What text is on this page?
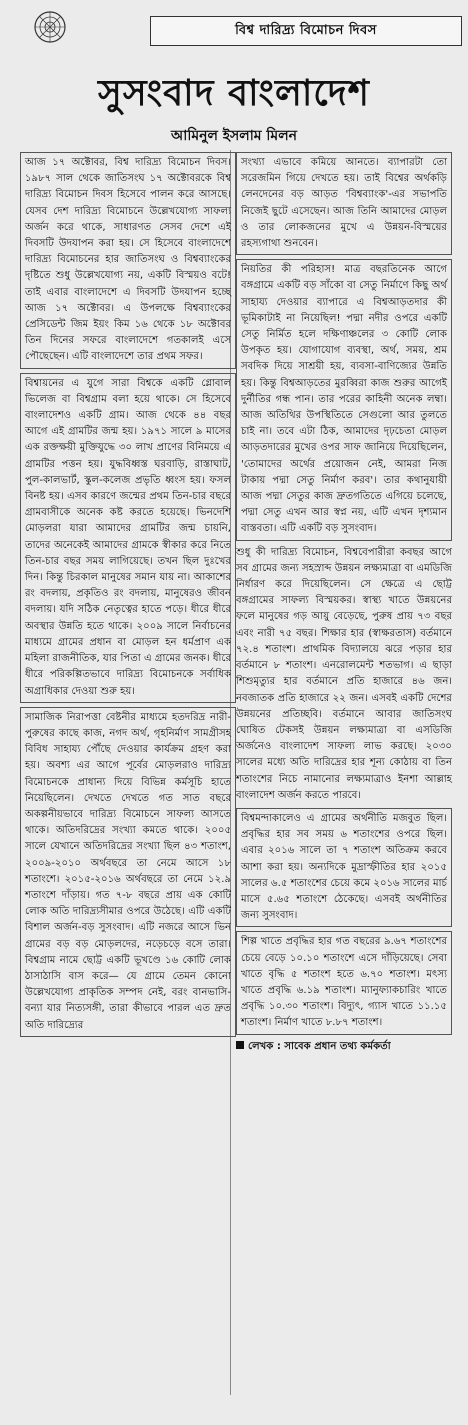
বিশ্ব দারিদ্র্য বিমোচন দিবস
সুসংবাদ বাংলাদেশ
আমিনুল ইসলাম মিলন

আজ ১৭ অক্টোবর, বিশ্ব দারিদ্র্য বিমোচন দিবস। ১৯৮৭ সাল থেকে জাতিসংঘ ১৭ অক্টোবরকে বিশ্ব দারিদ্র্য বিমোচন দিবস হিসেবে পালন করে আসছে। যেসব দেশ দারিদ্র্য বিমোচনে উল্লেখযোগ্য সাফল্য অর্জন করে থাকে, সাধারণত সেসব দেশে এই দিবসটি উদযাপন করা হয়। সে হিসেবে বাংলাদেশে দারিদ্র্য বিমোচনের হার জাতিসংঘ ও বিশ্বব্যাংকের দৃষ্টিতে শুধু উল্লেখযোগ্য নয়, একটি বিস্ময়ও বটে! তাই এবার বাংলাদেশে এ দিবসটি উদযাপন হচ্ছে আজ ১৭ অক্টোবর। এ উপলক্ষে বিশ্বব্যাংকের প্রেসিডেন্ট জিম ইয়ং কিম ১৬ থেকে ১৮ অক্টোবর তিন দিনের সফরে বাংলাদেশে গতকালই এসে পৌছেছেন। এটি বাংলাদেশে তার প্রথম সফর।

বিশ্বায়নের এ যুগে সারা বিশ্বকে একটি গ্লোবাল ভিলেজ বা বিশ্বগ্রাম বলা হয়ে থাকে। সে হিসেবে বাংলাদেশও একটি গ্রাম। আজ থেকে ৪৪ বছর আগে এই গ্রামটির জন্ম হয়। ১৯৭১ সালে ৯ মাসের এক রক্তক্ষয়ী মুক্তিযুদ্ধে ৩০ লাখ প্রাণের বিনিময়ে এ গ্রামটির পত্তন হয়। যুদ্ধবিধ্বস্ত ঘরবাড়ি, রাস্তাঘাট, পুল-কালভার্ট, স্কুল-কলেজ প্রভৃতি ধ্বংস হয়। ফসল বিনষ্ট হয়। এসব কারণে জন্মের প্রথম তিন-চার বছরে গ্রামবাসীকে অনেক কষ্ট করতে হয়েছে। ভিনদেশি মোড়লরা যারা আমাদের গ্রামটির জন্ম চায়নি, তাদের অনেকেই আমাদের গ্রামকে স্বীকার করে নিতে তিন-চার বছর সময় লাগিয়েছে। তখন ছিল দুঃখের দিন। কিন্তু চিরকাল মানুষের সমান যায় না। আকাশের রং বদলায়, প্রকৃতিও রং বদলায়, মানুষেরও জীবন বদলায়। যদি সঠিক নেতৃত্বের হাতে পড়ে। ধীরে ধীরে অবস্থার উন্নতি হতে থাকে। ২০০৯ সালে নির্বাচনের মাধ্যমে গ্রামের প্রধান বা মোড়ল হন ধর্মপ্রাণ এক মহিলা রাজনীতিক, যার পিতা এ গ্রামের জনক। ধীরে ধীরে পরিকল্পিতভাবে দারিদ্র্য বিমোচনকে সর্বাধিক অগ্রাধিকার দেওয়া শুরু হয়।

সামাজিক নিরাপত্তা বেষ্টনীর মাধ্যমে হতদরিদ্র নারী-পুরুষের কাছে কাজ, নগদ অর্থ, গৃহনির্মাণ সামগ্রীসহ বিবিধ সাহায্য পৌঁছে দেওয়ার কার্যক্রম গ্রহণ করা হয়। অবশ্য এর আগে পূর্বের মোড়লরাও দারিদ্র্য বিমোচনকে প্রাধান্য দিয়ে বিভিন্ন কর্মসূচি হাতে নিয়েছিলেন। দেখতে দেখতে গত সাত বছরে অকল্পনীয়ভাবে দারিদ্র্য বিমোচনে সাফল্য আসতে থাকে। অতিদরিদ্রের সংখ্যা কমতে থাকে। ২০০৫ সালে যেখানে অতিদরিদ্রের সংখ্যা ছিল ৪৩ শতাংশ, ২০০৯-২০১০ অর্থবছরে তা নেমে আসে ১৮ শতাংশে। ২০১৫-২০১৬ অর্থবছরে তা নেমে ১২.৯ শতাংশে দাঁড়ায়। গত ৭-৮ বছরে প্রায় এক কোটি লোক অতি দারিদ্র্যসীমার ওপরে উঠেছে। এটি একটি বিশাল অর্জন-বড় সুসংবাদ। এটি নজরে আসে ভিন গ্রামের বড় বড় মোড়লদের, নড়েচড়ে বসে তারা। বিশ্বগ্রাম নামে ছোট্ট একটি ভূখণ্ডে ১৬ কোটি লোক ঠাসাঠাসি বাস করে— যে গ্রামে তেমন কোনো উল্লেখযোগ্য প্রাকৃতিক সম্পদ নেই, বরং বানভাসি-বন্যা যার নিত্যসঙ্গী, তারা কীভাবে পারল এত দ্রুত অতি দারিদ্র্যের

সংখ্যা এভাবে কমিয়ে আনতে। ব্যাপারটা তো সরেজমিন গিয়ে দেখতে হয়। তাই বিশ্বের অর্থকড়ি লেনদেনের বড় আড়ত 'বিশ্বব্যাংক'-এর সভাপতি নিজেই ছুটে এসেছেন। আজ তিনি আমাদের মোড়ল ও তার লোকজনের মুখে এ উন্নয়ন-বিস্ময়ের রহস্যগাথা শুনবেন।

নিয়তির কী পরিহাস! মাত্র বছরতিনেক আগে বঙ্গগ্রামে একটি বড় সাঁকো বা সেতু নির্মাণে কিছু অর্থ সাহায্য দেওয়ার ব্যাপারে এ বিশ্বআড়তদার কী ভূমিকাটাই না নিয়েছিল! পদ্মা নদীর ওপরে একটি সেতু নির্মিত হলে দক্ষিণাঞ্চলের ৩ কোটি লোক উপকৃত হয়। যোগাযোগ ব্যবস্থা, অর্থ, সময়, শ্রম সবদিক দিয়ে সাশ্রয়ী হয়, ব্যবসা-বাণিজ্যের উন্নতি হয়। কিন্তু বিশ্বআড়তের মুরব্বিরা কাজ শুরুর আগেই দুর্নীতির গন্ধ পান। তার পরের কাহিনী অনেক লম্বা। আজ অতিথির উপস্থিতিতে সেগুলো আর তুলতে চাই না। তবে এটা ঠিক, আমাদের দৃঢ়চেতা মোড়ল আড়তদারের মুখের ওপর সাফ জানিয়ে দিয়েছিলেন, 'তোমাদের অর্থের প্রয়োজন নেই, আমরা নিজ টাকায় পদ্মা সেতু নির্মাণ করব'। তার কথানুযায়ী আজ পদ্মা সেতুর কাজ দ্রুতগতিতে এগিয়ে চলেছে, পদ্মা সেতু এখন আর স্বপ্ন নয়, এটি এখন দৃশ্যমান বাস্তবতা। এটি একটি বড় সুসংবাদ।

শুধু কী দারিদ্র্য বিমোচন, বিশ্ববেপারীরা কবছর আগে সব গ্রামের জন্য সহস্রাব্দ উন্নয়ন লক্ষ্যমাত্রা বা এমডিজি নির্ধারণ করে দিয়েছিলেন। সে ক্ষেত্রে এ ছোট্ট বঙ্গগ্রামের সাফল্য বিস্ময়কর। স্বাস্থ্য খাতে উন্নয়নের ফলে মানুষের গড় আয়ু বেড়েছে, পুরুষ প্রায় ৭৩ বছর এবং নারী ৭৫ বছর। শিক্ষার হার (স্বাক্ষরতাস) বর্তমানে ৭২.৪ শতাংশ। প্রাথমিক বিদ্যালয়ে ঝরে পড়ার হার বর্তমানে ৮ শতাংশ। এনরোলমেন্ট শতভাগ। এ ছাড়া শিশুমৃত্যুর হার বর্তমানে প্রতি হাজারে ৪৬ জন। নবজাতক প্রতি হাজারে ২২ জন। এসবই একটি দেশের উন্নয়নের প্রতিচ্ছবি। বর্তমানে আবার জাতিসংঘ ঘোষিত টেকসই উন্নয়ন লক্ষ্যমাত্রা বা এসডিজি অর্জনেও বাংলাদেশ সাফল্য লাভ করছে। ২০৩০ সালের মধ্যে অতি দারিদ্রের হার শূন্য কোঠায় বা তিন শতাংশের নিচে নামানোর লক্ষ্যমাত্রাও ইনশা আল্লাহ বাংলাদেশ অর্জন করতে পারবে।

বিশ্বমন্দাকালেও এ গ্রামের অর্থনীতি মজবুত ছিল। প্রবৃদ্ধির হার সব সময় ৬ শতাংশের ওপরে ছিল। এবার ২০১৬ সালে তা ৭ শতাংশ অতিক্রম করবে আশা করা হয়। অন্যদিকে মুদ্রাস্ফীতির হার ২০১৫ সালের ৬.৫ শতাংশের চেয়ে কমে ২০১৬ সালের মার্চ মাসে ৫.৬৫ শতাংশে ঠেকেছে। এসবই অর্থনীতির জন্য সুসংবাদ।

শিল্প খাতে প্রবৃদ্ধির হার গত বছরের ৯.৬৭ শতাংশের চেয়ে বেড়ে ১০.১০ শতাংশে এসে দাঁড়িয়েছে। সেবা খাতে বৃদ্ধি ৫ শতাংশ হতে ৬.৭০ শতাংশ। মৎস্য খাতে প্রবৃদ্ধি ৬.১৯ শতাংশ। ম্যানুফ্যাকচারিং খাতে প্রবৃদ্ধি ১০.৩০ শতাংশ। বিদ্যুৎ, গ্যাস খাতে ১১.১৫ শতাংশ। নির্মাণ খাতে ৮.৮৭ শতাংশ।

লেখক : সাবেক প্রধান তথ্য কর্মকর্তা
